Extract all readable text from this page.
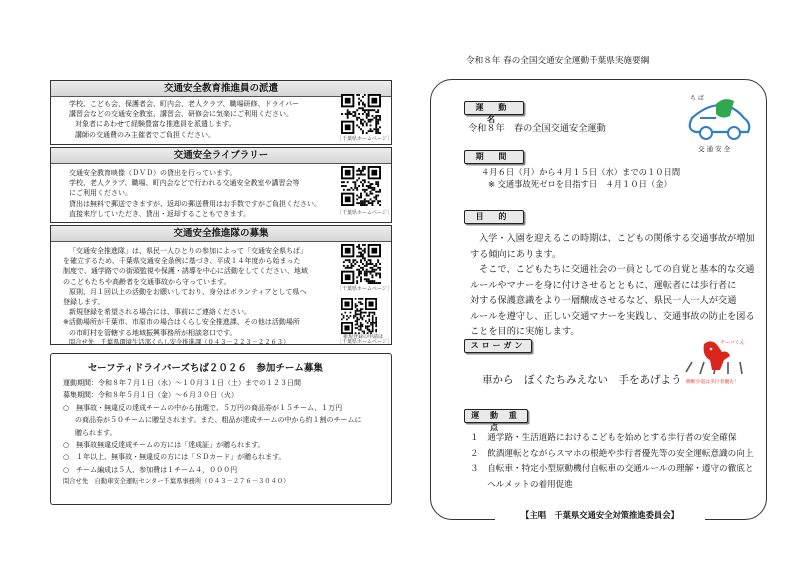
令和８年 春の全国交通安全運動千葉県実施要綱
交通安全教育推進員の派遣
学校、こども会、保護者会、町内会、老人クラブ、職場研修、ドライバー
講習会などの交通安全教室、講習会、研修会に気楽にご利用ください。
対象者にあわせて経験豊富な推進員を派遣します。
講師の交通費のみ主催者でご負担ください。
［千葉県ホームページ］
交通安全ライブラリー
交通安全教育映像（ＤＶＤ）の貸出を行っています。
学校、老人クラブ、職場、町内会などで行われる交通安全教室や講習会等
にご利用ください。
貸出は無料で郵送できますが、返却の郵送費用はお手数ですがご負担ください。
直接来庁していただき、貸出・返却することもできます。	［千葉県ホームページ］
交通安全推進隊の募集
「交通安全推進隊」は、県民一人ひとりの参加によって「交通安全県ちば」
を確立するため、千葉県交通安全条例に基づき、平成１４年度から始まった
制度で、通学路での街頭監視や保護・誘導を中心に活動をしてください、地域
のこどもたちや高齢者を交通事故から守っています。
原則、月１回以上の活動をお願いしており、身分はボランティアとして県へ
登録します。
新規登録を希望される場合には、事前にご連絡ください。
※活動場所が千葉市、市原市の場合はくらし安全推進課、その他は活動場所
の市町村を管轄する地域振興事務所が相談窓口です。
問合せ先　千葉県環境生活部くらし安全推進課（０４３－２２３－２２６３）
［千葉県ホームページ］
新規登録の申請は
［千葉県ホームページ］
セーフティドライバーズちば２０２６　参加チーム募集
運動期間：令和８年７月１日（水）～１０月３１日（土）までの１２３日間
募集期間：令和８年５月１日（金）～６月３０日（火）
○　無事故・無違反の達成チームの中から抽選で、５万円の商品券が１５チーム、１万円
の商品券が５０チームに贈呈されます。また、粗品が達成チームの中から約１割のチームに
贈られます。
○　無事故無違反達成チームの方には「達成証」が贈られます。
○　１年以上、無事故・無違反の方には「ＳＤカード」が贈られます。
○　チーム編成は５人、参加費は１チーム４，０００円
問合せ先　自動車安全運転センター千葉県事務所（０４３－２７６－３０４０）
運 動 名
令和８年　春の全国交通安全運動
ち ば
交 通 安 全
期 間
４月６日（月）から４月１５日（水）までの１０日間
※ 交通事故死ゼロを目指す日　４月１０日（金）
目 的
入学・入園を迎えるこの時期は、こどもの関係する交通事故が増加
する傾向にあります。
そこで、こどもたちに交通社会の一員としての自覚と基本的な交通
ルールやマナーを身に付けさせるとともに、運転者には歩行者に
対する保護意識をより一層醸成させるなど、県民一人一人が交通
ルールを遵守し、正しい交通マナーを実践し、交通事故の防止を図る
ことを目的に実施します。
チーバくん
横断歩道は歩行者優先！
スローガン
車から　ぼくたちみえない　手をあげよう
運 動 重 点
１　通学路・生活道路におけるこどもを始めとする歩行者の安全確保
２　飲酒運転とながらスマホの根絶や歩行者優先等の安全運転意識の向上
３　自転車・特定小型原動機付自転車の交通ルールの理解・遵守の徹底と
　　ヘルメットの着用促進
【主唱　千葉県交通安全対策推進委員会】
